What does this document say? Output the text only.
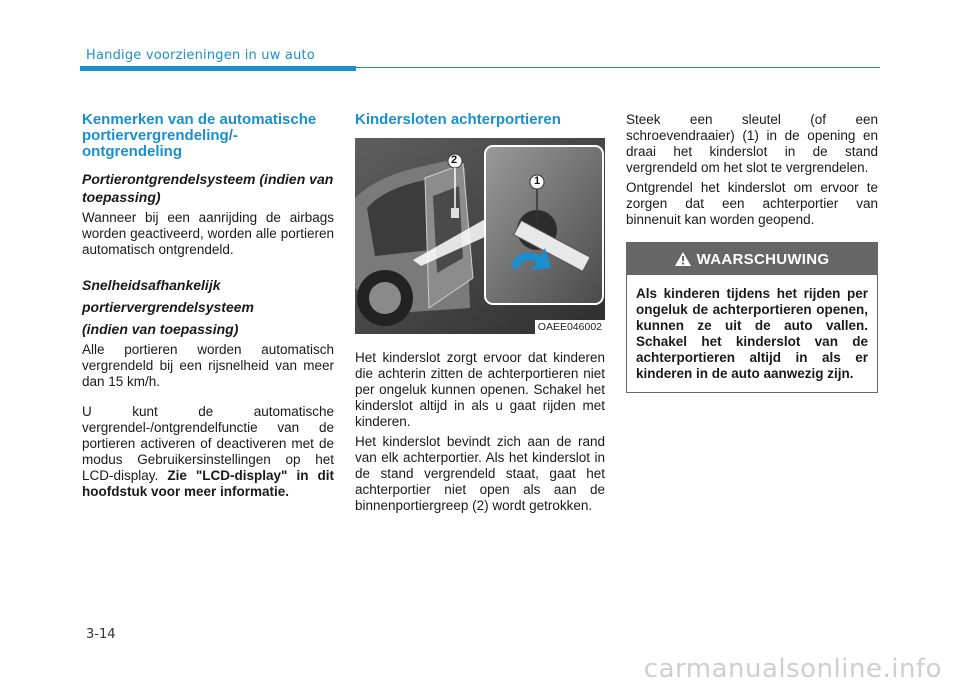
Handige voorzieningen in uw auto
Kenmerken van de automatische portiervergrendeling/-ontgrendeling
Portierontgrendelsysteem (indien van toepassing)

Wanneer bij een aanrijding de airbags worden geactiveerd, worden alle portieren automatisch ontgrendeld.

Snelheidsafhankelijk
portiervergrendelsysteem
(indien van toepassing)

Alle portieren worden automatisch vergrendeld bij een rijsnelheid van meer dan 15 km/h.

U kunt de automatische vergrendel-/ontgrendelfunctie van de portieren activeren of deactiveren met de modus Gebruikersinstellingen op het LCD-display. Zie "LCD-display" in dit hoofdstuk voor meer informatie.

Kindersloten achterportieren
2
1
OAEE046002

Het kinderslot zorgt ervoor dat kinderen die achterin zitten de achterportieren niet per ongeluk kunnen openen. Schakel het kinderslot altijd in als u gaat rijden met kinderen.

Het kinderslot bevindt zich aan de rand van elk achterportier. Als het kinderslot in de stand vergrendeld staat, gaat het achterportier niet open als aan de binnenportiergreep (2) wordt getrokken.

Steek een sleutel (of een schroevendraaier) (1) in de opening en draai het kinderslot in de stand vergrendeld om het slot te vergrendelen.

Ontgrendel het kinderslot om ervoor te zorgen dat een achterportier van binnenuit kan worden geopend.

WAARSCHUWING
Als kinderen tijdens het rijden per ongeluk de achterportieren openen, kunnen ze uit de auto vallen. Schakel het kinderslot van de achterportieren altijd in als er kinderen in de auto aanwezig zijn.
3-14
carmanualsonline.info
